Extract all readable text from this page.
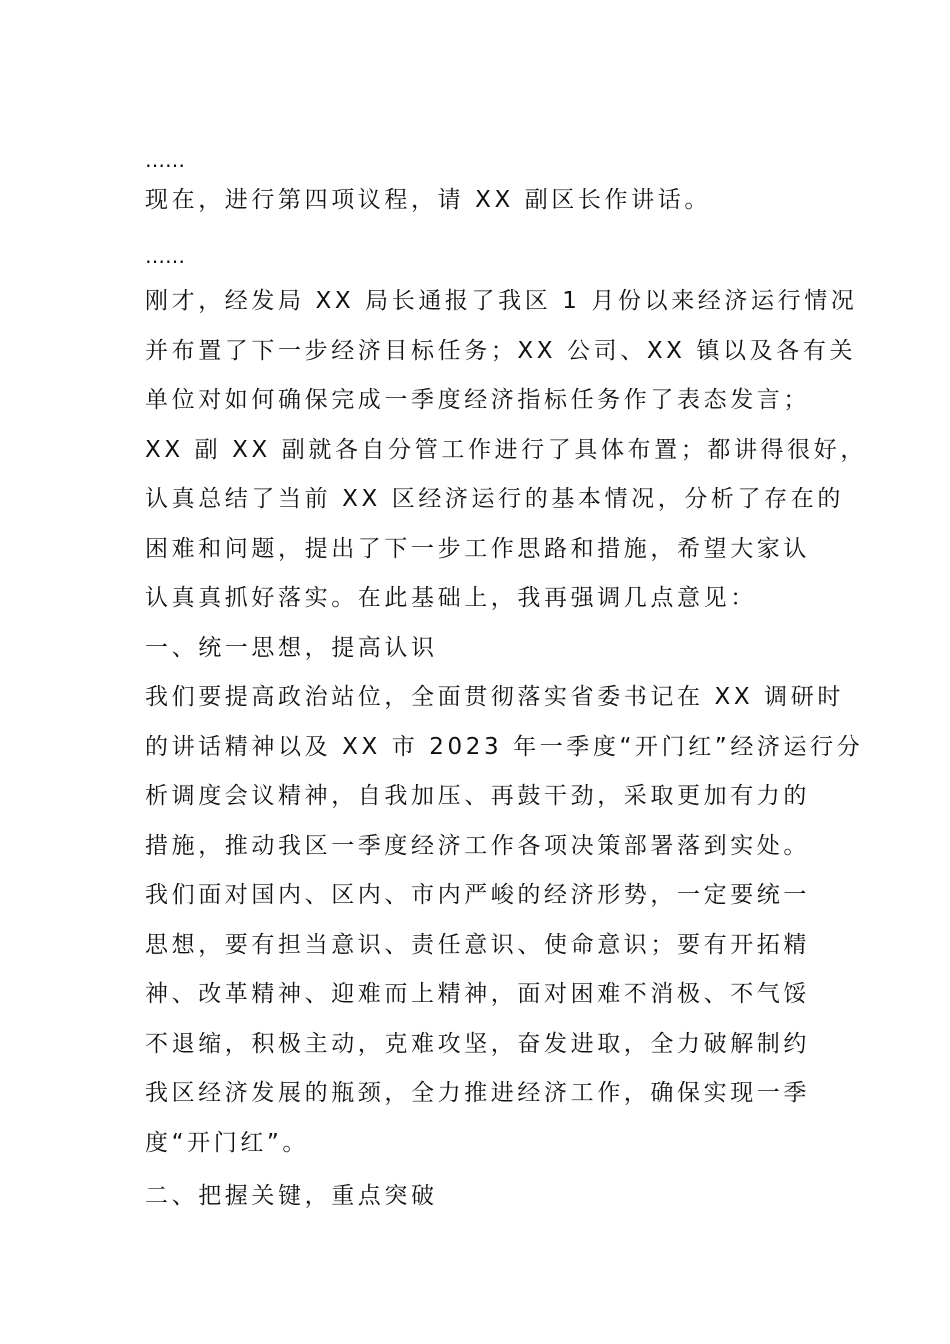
……
现在，进行第四项议程，请 XX 副区长作讲话。
……
刚才，经发局 XX 局长通报了我区 1 月份以来经济运行情况
并布置了下一步经济目标任务；XX 公司、XX 镇以及各有关
单位对如何确保完成一季度经济指标任务作了表态发言；
XX 副 XX 副就各自分管工作进行了具体布置；都讲得很好，
认真总结了当前 XX 区经济运行的基本情况，分析了存在的
困难和问题，提出了下一步工作思路和措施，希望大家认
认真真抓好落实。在此基础上，我再强调几点意见：
一、统一思想，提高认识
我们要提高政治站位，全面贯彻落实省委书记在 XX 调研时
的讲话精神以及 XX 市 2023 年一季度“开门红”经济运行分
析调度会议精神，自我加压、再鼓干劲，采取更加有力的
措施，推动我区一季度经济工作各项决策部署落到实处。
我们面对国内、区内、市内严峻的经济形势，一定要统一
思想，要有担当意识、责任意识、使命意识；要有开拓精
神、改革精神、迎难而上精神，面对困难不消极、不气馁
不退缩，积极主动，克难攻坚，奋发进取，全力破解制约
我区经济发展的瓶颈，全力推进经济工作，确保实现一季
度“开门红”。
二、把握关键，重点突破
